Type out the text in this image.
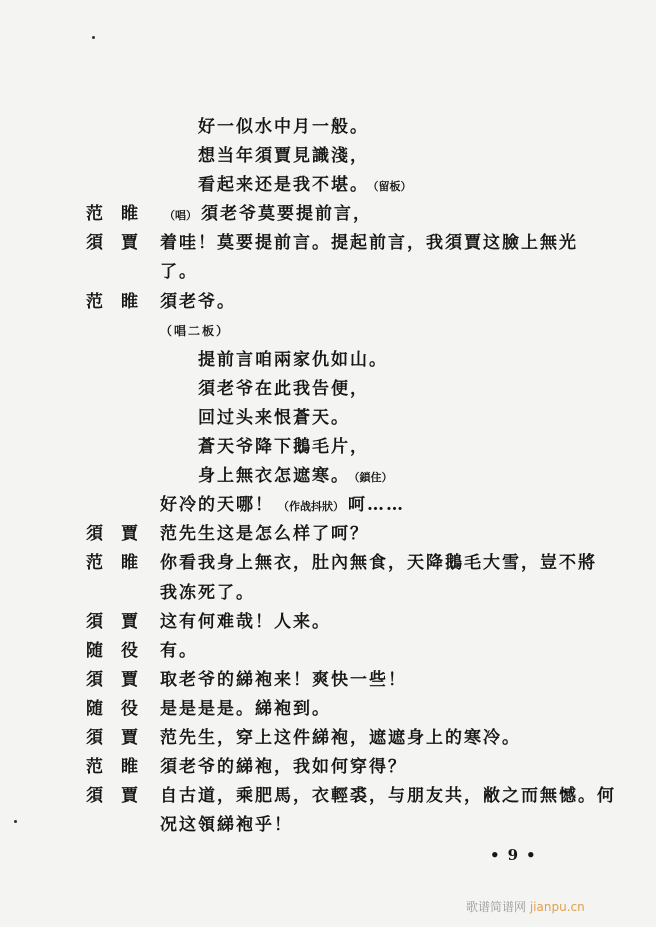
好一似水中月一般。
想当年須賈見識淺，
看起来还是我不堪。 （留板）
范 睢	（唱） 須老爷莫要提前言，
須 賈 着哇！莫要提前言。提起前言，我須賈这臉上無光
了。
范 睢 須老爷。
（唱二板）
提前言咱兩家仇如山。
須老爷在此我告便，
回过头来恨蒼天。
蒼天爷降下鵝毛片，
身上無衣怎遮寒。 （鎖住）
好冷的天哪！ （作战抖狀） 呵……
須 賈 范先生这是怎么样了呵？
范 睢 你看我身上無衣，肚內無食，天降鵝毛大雪，豈不將
我冻死了。
須 賈 这有何难哉！人来。
随 役 有。
須 賈 取老爷的綈袍来！爽快一些！
随 役 是是是是。綈袍到。
須 賈 范先生，穿上这件綈袍，遮遮身上的寒冷。
范 睢 須老爷的綈袍，我如何穿得？
須 賈 自古道，乘肥馬，衣輕裘，与朋友共，敝之而無憾。何
况这領綈袍乎！
•9•
歌谱简谱网 jianpu.cn
